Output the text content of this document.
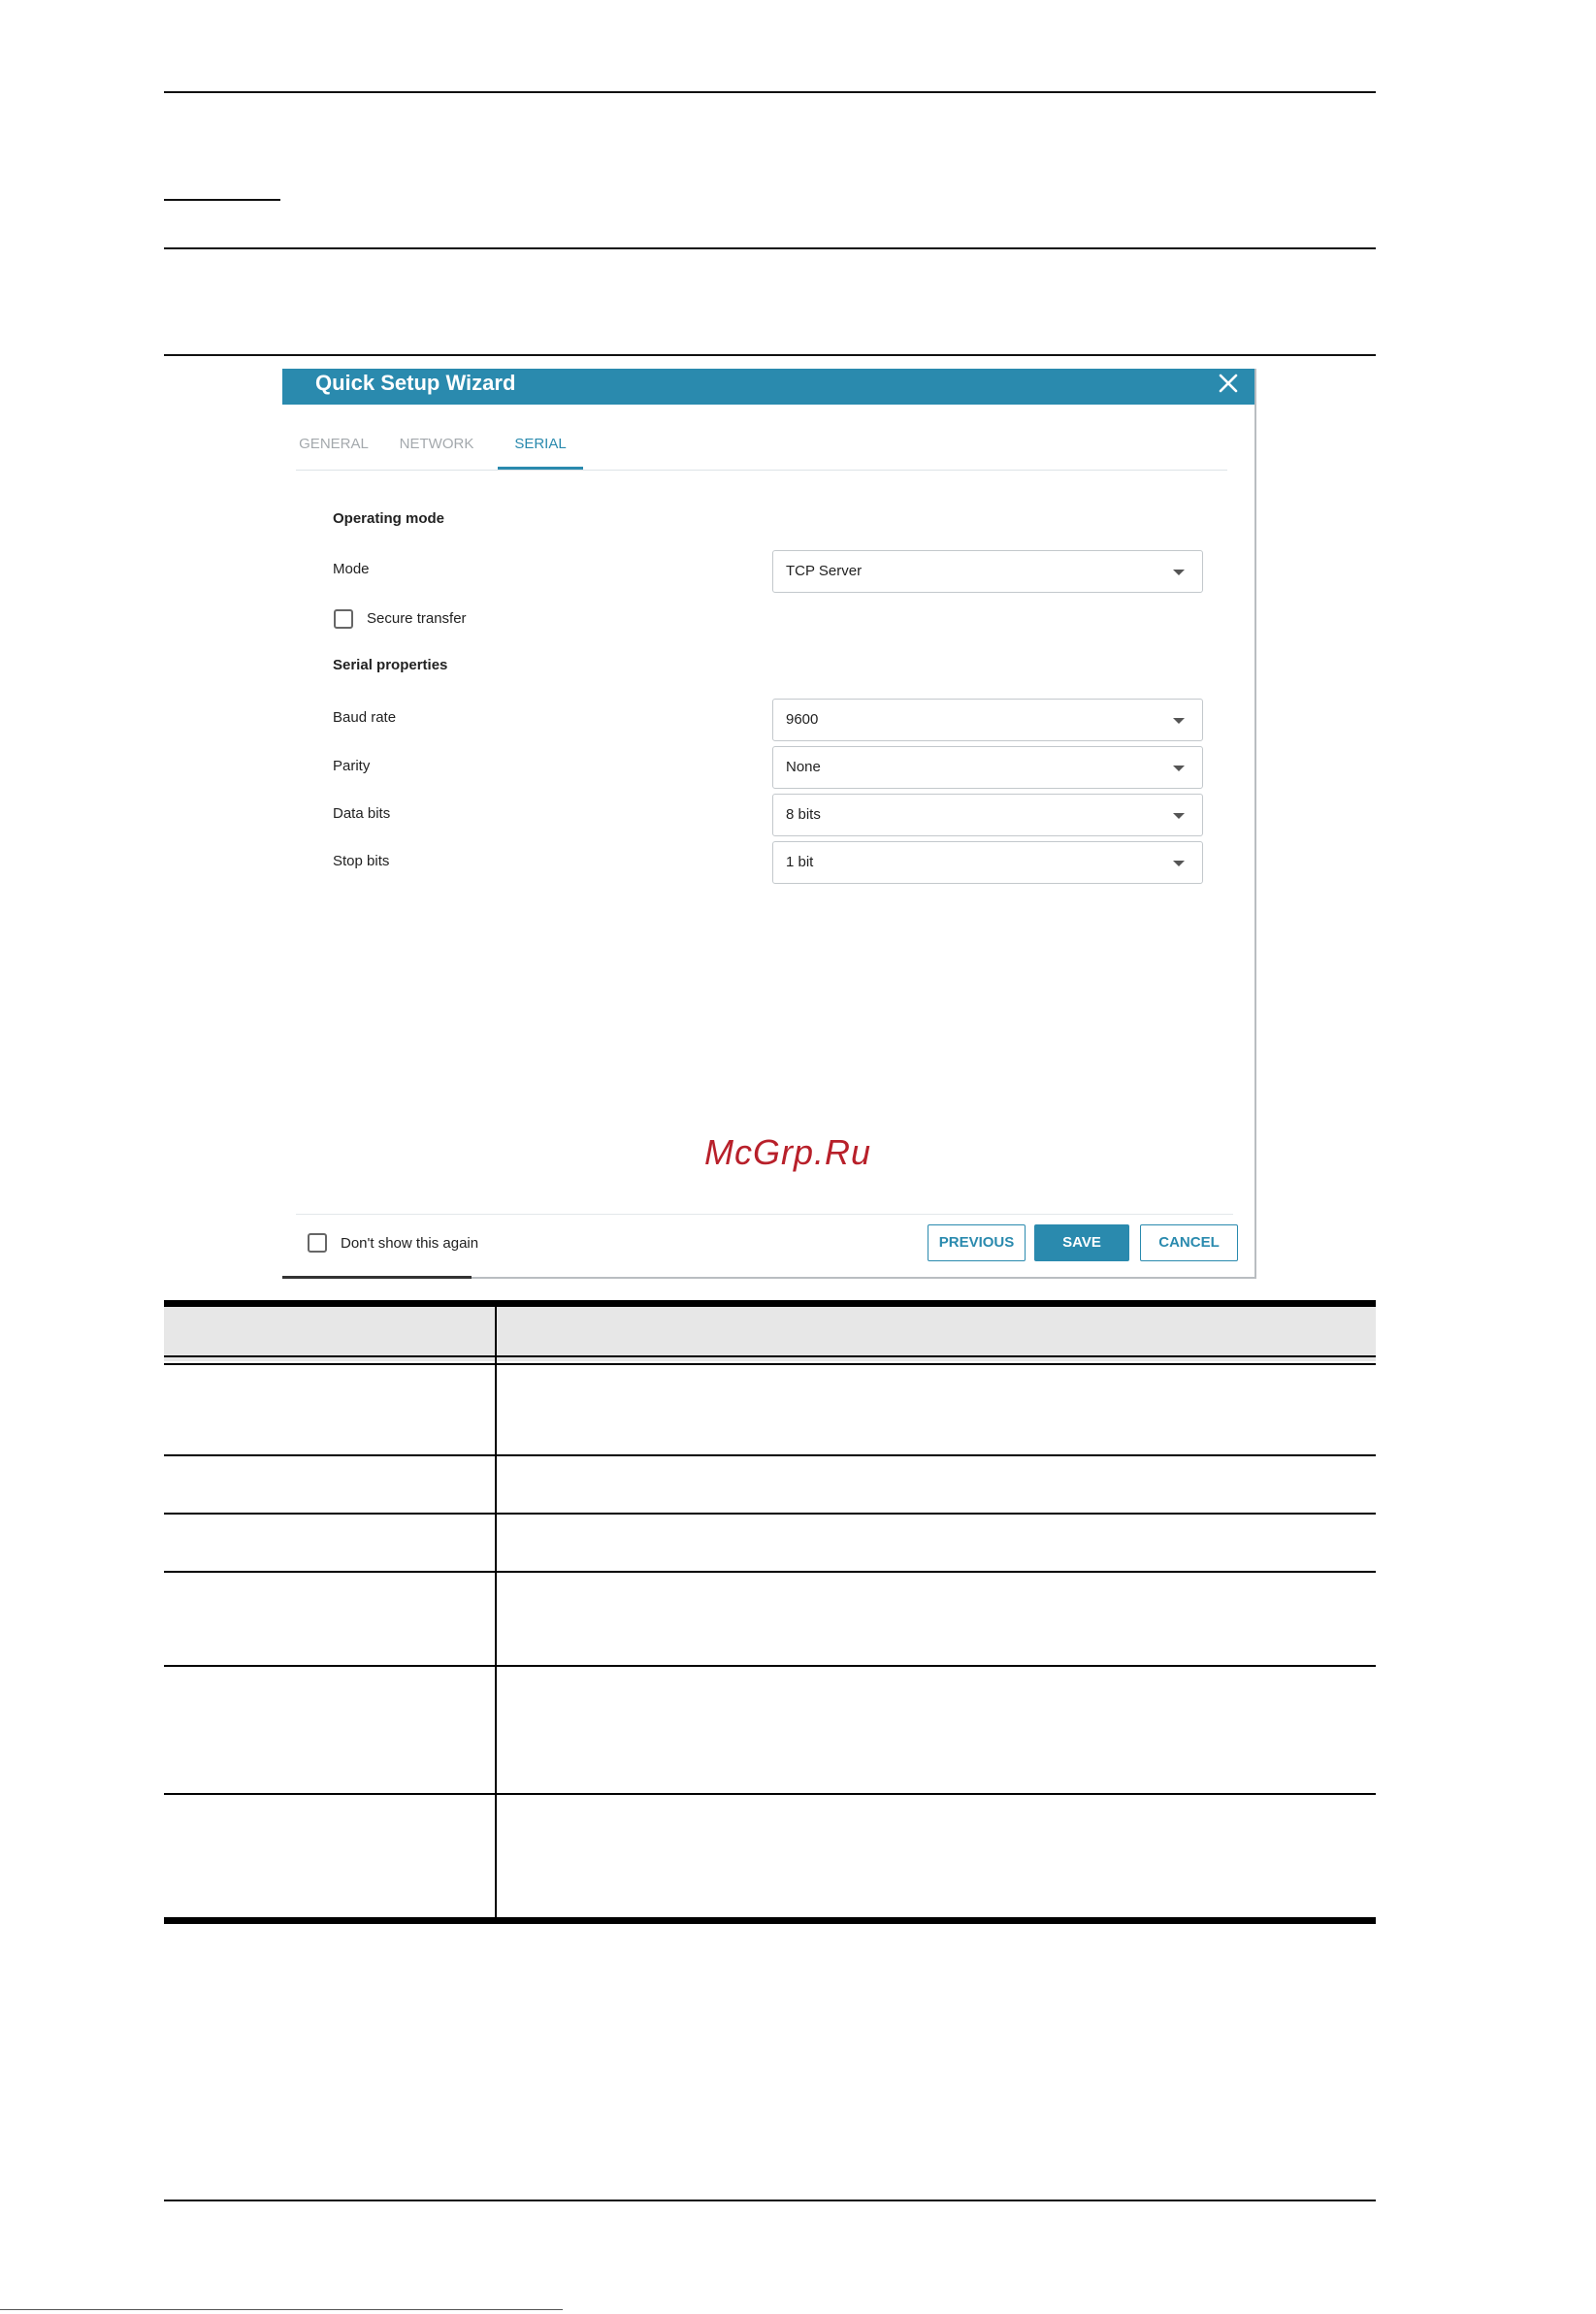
Quick Setup Wizard
GENERAL	NETWORK	SERIAL
Operating mode
Mode	TCP Server
Secure transfer
Serial properties
Baud rate	9600
Parity	None
Data bits	8 bits
Stop bits	1 bit
McGrp.Ru
Don't show this again	PREVIOUS	SAVE	CANCEL
